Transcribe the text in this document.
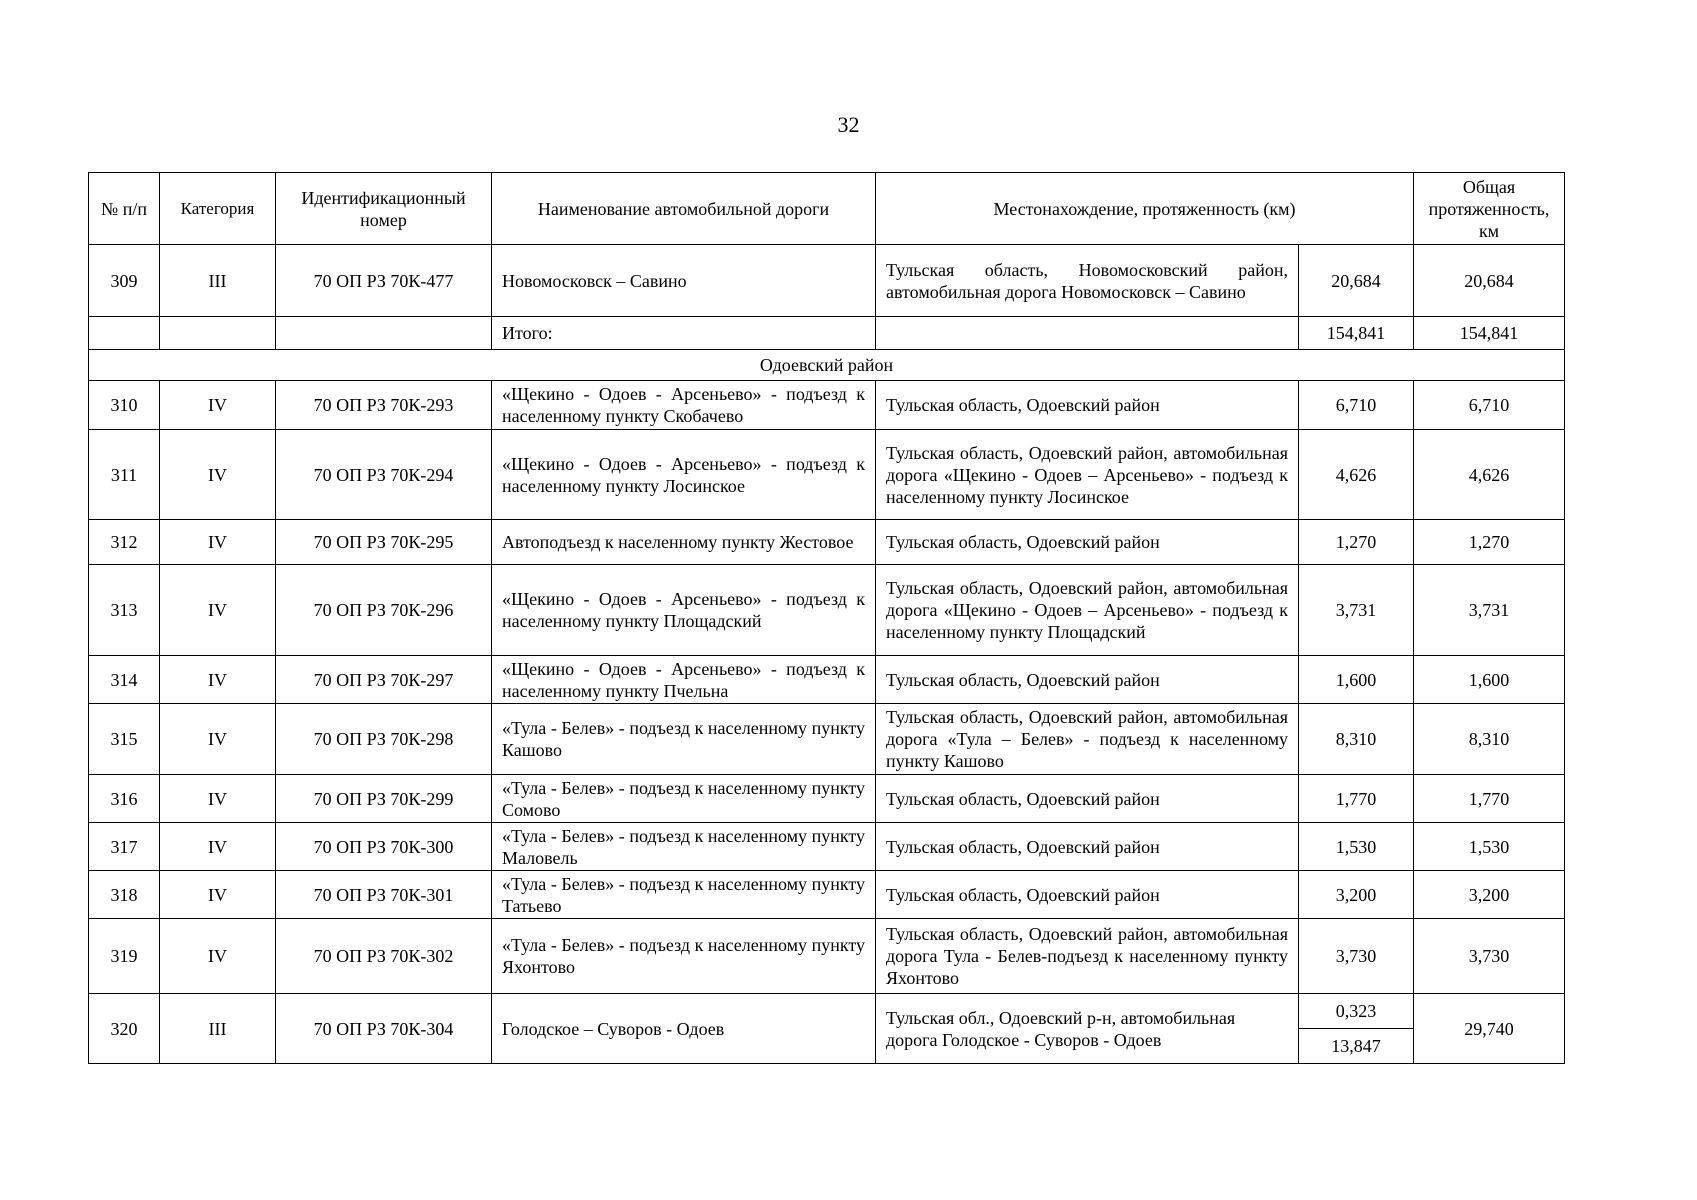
32
№ п/п	Категория	Идентификационный номер	Наименование автомобильной дороги	Местонахождение, протяженность (км)		Общая протяженность, км
309	III	70 ОП РЗ 70К-477	Новомосковск – Савино	Тульская область, Новомосковский район, автомобильная дорога Новомосковск – Савино	20,684	20,684
			Итого:		154,841	154,841
Одоевский район						
310	IV	70 ОП РЗ 70К-293	«Щекино - Одоев - Арсеньево» - подъезд к населенному пункту Скобачево	Тульская область, Одоевский район	6,710	6,710
311	IV	70 ОП РЗ 70К-294	«Щекино - Одоев - Арсеньево» - подъезд к населенному пункту Лосинское	Тульская область, Одоевский район, автомобильная дорога «Щекино - Одоев – Арсеньево» - подъезд к населенному пункту Лосинское	4,626	4,626
312	IV	70 ОП РЗ 70К-295	Автоподъезд к населенному пункту Жестовое	Тульская область, Одоевский район	1,270	1,270
313	IV	70 ОП РЗ 70К-296	«Щекино - Одоев - Арсеньево» - подъезд к населенному пункту Площадский	Тульская область, Одоевский район, автомобильная дорога «Щекино - Одоев – Арсеньево» - подъезд к населенному пункту Площадский	3,731	3,731
314	IV	70 ОП РЗ 70К-297	«Щекино - Одоев - Арсеньево» - подъезд к населенному пункту Пчельна	Тульская область, Одоевский район	1,600	1,600
315	IV	70 ОП РЗ 70К-298	«Тула - Белев» - подъезд к населенному пункту Кашово	Тульская область, Одоевский район, автомобильная дорога «Тула – Белев» - подъезд к населенному пункту Кашово	8,310	8,310
316	IV	70 ОП РЗ 70К-299	«Тула - Белев» - подъезд к населенному пункту Сомово	Тульская область, Одоевский район	1,770	1,770
317	IV	70 ОП РЗ 70К-300	«Тула - Белев» - подъезд к населенному пункту Маловель	Тульская область, Одоевский район	1,530	1,530
318	IV	70 ОП РЗ 70К-301	«Тула - Белев» - подъезд к населенному пункту Татьево	Тульская область, Одоевский район	3,200	3,200
319	IV	70 ОП РЗ 70К-302	«Тула - Белев» - подъезд к населенному пункту Яхонтово	Тульская область, Одоевский район, автомобильная дорога Тула - Белев-подъезд к населенному пункту Яхонтово	3,730	3,730
320	III	70 ОП РЗ 70К-304	Голодское – Суворов - Одоев	Тульская обл., Одоевский р-н, автомобильная дорога Голодское - Суворов - Одоев	0,323	29,740
					13,847	
